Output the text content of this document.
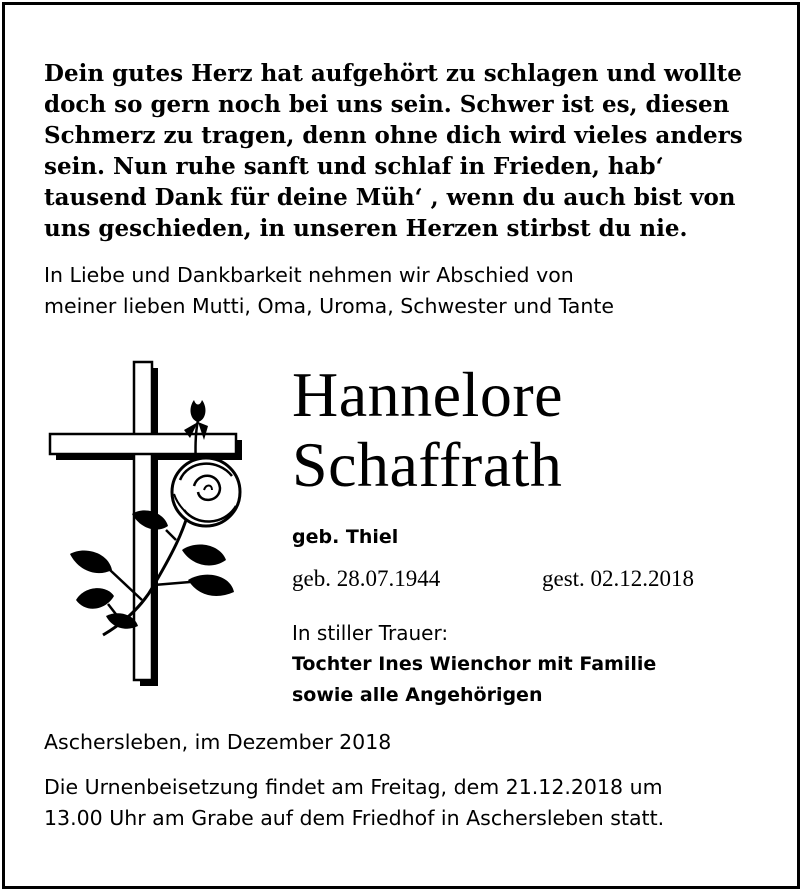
Dein gutes Herz hat aufgehört zu schlagen und wollte
doch so gern noch bei uns sein. Schwer ist es, diesen
Schmerz zu tragen, denn ohne dich wird vieles anders
sein. Nun ruhe sanft und schlaf in Frieden, hab‘
tausend Dank für deine Müh‘ , wenn du auch bist von
uns geschieden, in unseren Herzen stirbst du nie.
In Liebe und Dankbarkeit nehmen wir Abschied von
meiner lieben Mutti, Oma, Uroma, Schwester und Tante
Hannelore
Schaffrath
geb. Thiel
geb. 28.07.1944	gest. 02.12.2018
In stiller Trauer:
Tochter Ines Wienchor mit Familie
sowie alle Angehörigen
Aschersleben, im Dezember 2018
Die Urnenbeisetzung findet am Freitag, dem 21.12.2018 um
13.00 Uhr am Grabe auf dem Friedhof in Aschersleben statt.
